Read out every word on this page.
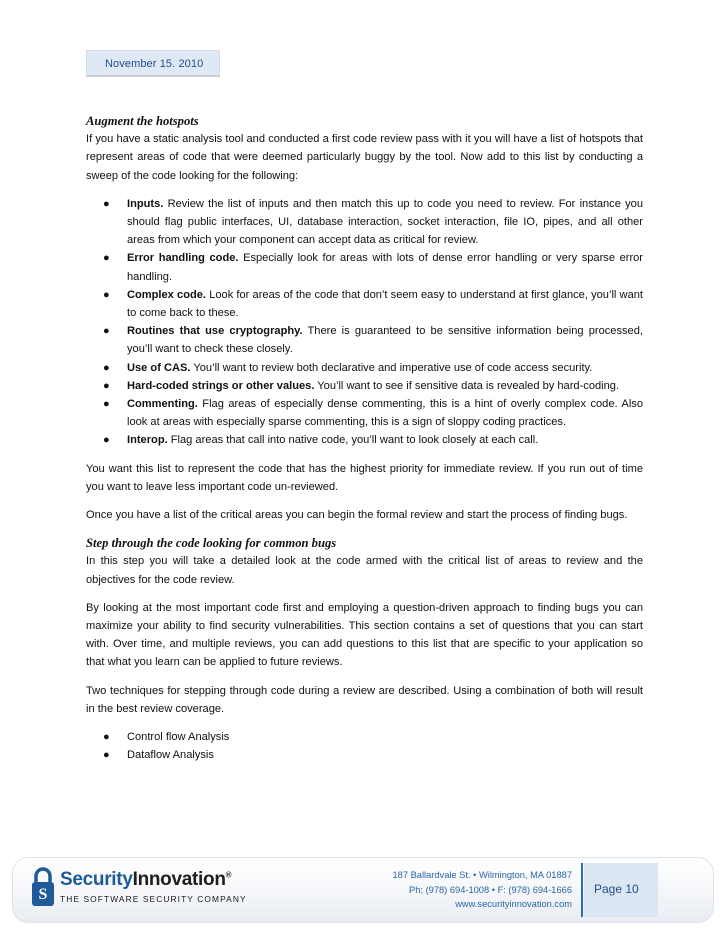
November 15. 2010
Augment the hotspots

If you have a static analysis tool and conducted a first code review pass with it you will have a list of hotspots that represent areas of code that were deemed particularly buggy by the tool. Now add to this list by conducting a sweep of the code looking for the following:

● Inputs. Review the list of inputs and then match this up to code you need to review. For instance you should flag public interfaces, UI, database interaction, socket interaction, file IO, pipes, and all other areas from which your component can accept data as critical for review.
● Error handling code. Especially look for areas with lots of dense error handling or very sparse error handling.
● Complex code. Look for areas of the code that don’t seem easy to understand at first glance, you’ll want to come back to these.
● Routines that use cryptography. There is guaranteed to be sensitive information being processed, you’ll want to check these closely.
● Use of CAS. You’ll want to review both declarative and imperative use of code access security.
● Hard-coded strings or other values. You’ll want to see if sensitive data is revealed by hard-coding.
● Commenting. Flag areas of especially dense commenting, this is a hint of overly complex code. Also look at areas with especially sparse commenting, this is a sign of sloppy coding practices.
● Interop. Flag areas that call into native code, you’ll want to look closely at each call.

You want this list to represent the code that has the highest priority for immediate review. If you run out of time you want to leave less important code un-reviewed.

Once you have a list of the critical areas you can begin the formal review and start the process of finding bugs.

Step through the code looking for common bugs

In this step you will take a detailed look at the code armed with the critical list of areas to review and the objectives for the code review.

By looking at the most important code first and employing a question-driven approach to finding bugs you can maximize your ability to find security vulnerabilities. This section contains a set of questions that you can start with. Over time, and multiple reviews, you can add questions to this list that are specific to your application so that what you learn can be applied to future reviews.

Two techniques for stepping through code during a review are described. Using a combination of both will result in the best review coverage.

● Control flow Analysis
● Dataflow Analysis
S
SecurityInnovation®
THE SOFTWARE SECURITY COMPANY
187 Ballardvale St. • Wilmington, MA 01887
Ph: (978) 694-1008 • F: (978) 694-1666
www.securityinnovation.com
Page 10
